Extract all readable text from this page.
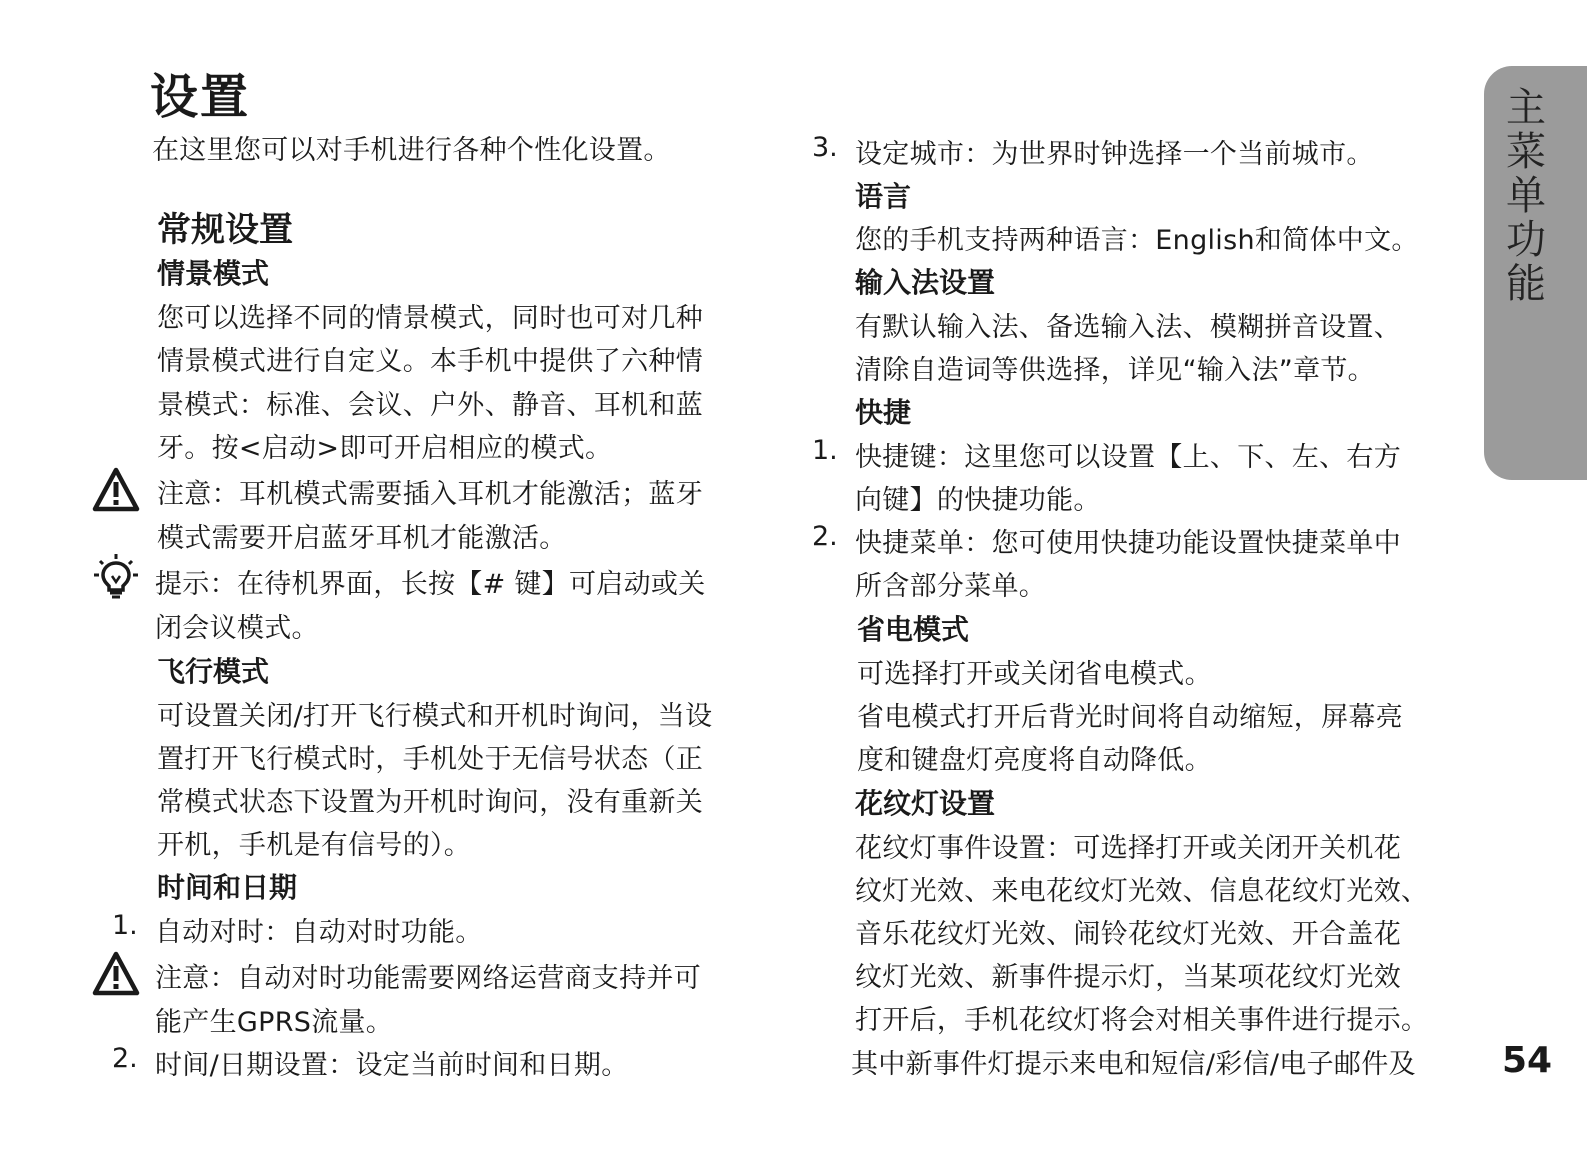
设置
在这里您可以对手机进行各种个性化设置。
常规设置
情景模式
您可以选择不同的情景模式，同时也可对几种
情景模式进行自定义。本手机中提供了六种情
景模式：标准、会议、户外、静音、耳机和蓝
牙。按<启动>即可开启相应的模式。
注意：耳机模式需要插入耳机才能激活；蓝牙
模式需要开启蓝牙耳机才能激活。
提示：在待机界面，长按【# 键】可启动或关
闭会议模式。
飞行模式
可设置关闭/打开飞行模式和开机时询问，当设
置打开飞行模式时，手机处于无信号状态（正
常模式状态下设置为开机时询问，没有重新关
开机，手机是有信号的）。
时间和日期
1. 自动对时：自动对时功能。
注意：自动对时功能需要网络运营商支持并可
能产生GPRS流量。
2. 时间/日期设置：设定当前时间和日期。
3. 设定城市：为世界时钟选择一个当前城市。
语言
您的手机支持两种语言：English和简体中文。
输入法设置
有默认输入法、备选输入法、模糊拼音设置、
清除自造词等供选择，详见“输入法”章节。
快捷
1. 快捷键：这里您可以设置【上、下、左、右方
向键】的快捷功能。
2. 快捷菜单：您可使用快捷功能设置快捷菜单中
所含部分菜单。
省电模式
可选择打开或关闭省电模式。
省电模式打开后背光时间将自动缩短，屏幕亮
度和键盘灯亮度将自动降低。
花纹灯设置
花纹灯事件设置：可选择打开或关闭开关机花
纹灯光效、来电花纹灯光效、信息花纹灯光效、
音乐花纹灯光效、闹铃花纹灯光效、开合盖花
纹灯光效、新事件提示灯，当某项花纹灯光效
打开后，手机花纹灯将会对相关事件进行提示。
其中新事件灯提示来电和短信/彩信/电子邮件及
主菜单功能
54
